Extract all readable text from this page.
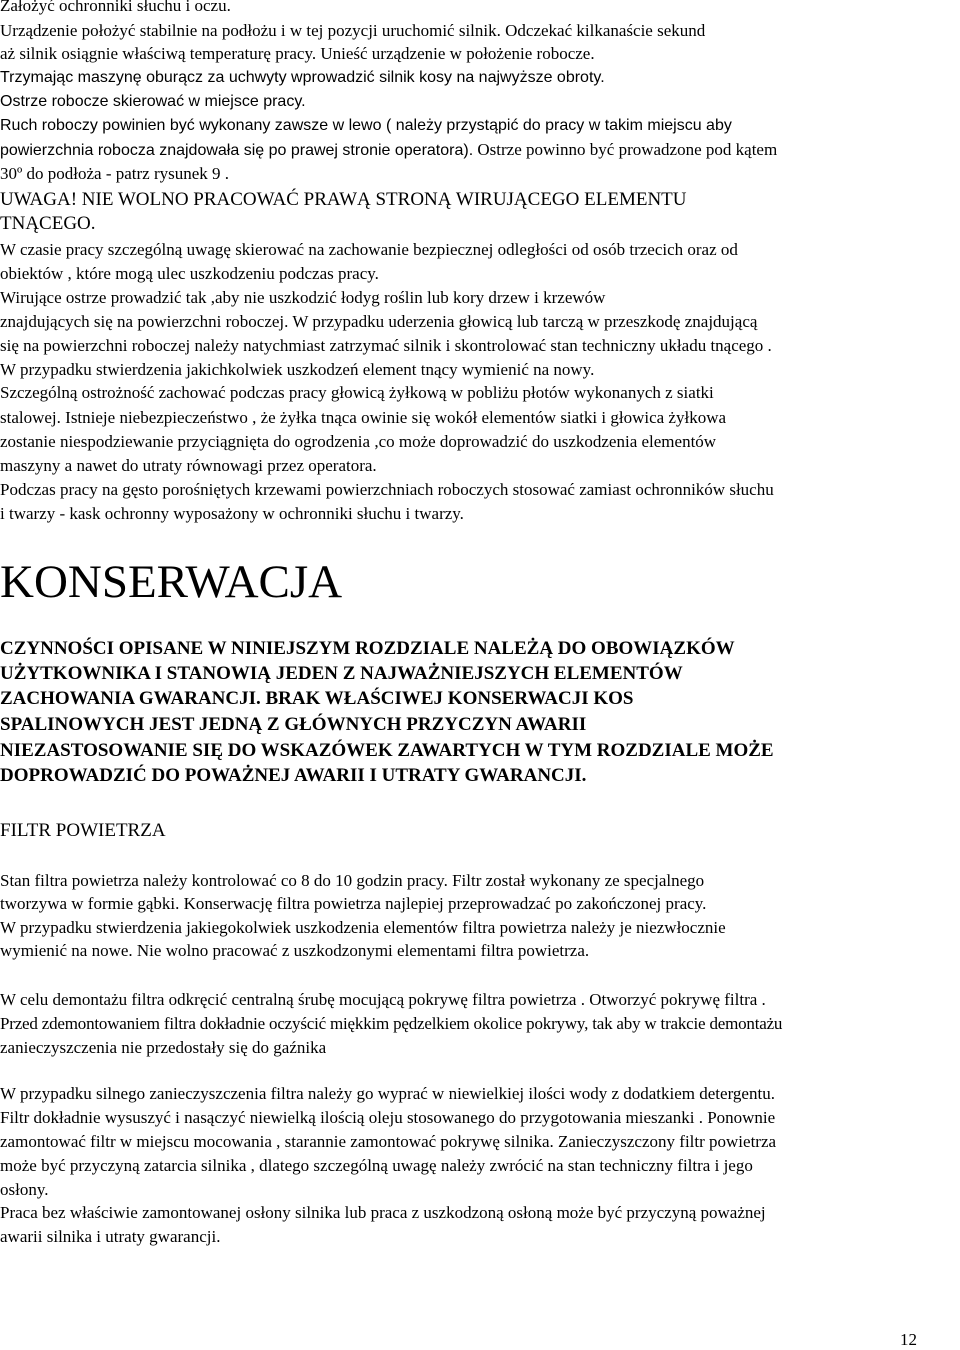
Założyć ochronniki słuchu i oczu.

Urządzenie położyć stabilnie na podłożu i w tej pozycji uruchomić silnik. Odczekać kilkanaście sekund

aż silnik osiągnie właściwą temperaturę pracy. Unieść urządzenie w położenie robocze.

Trzymając maszynę oburącz za uchwyty wprowadzić silnik kosy na najwyższe obroty.

Ostrze robocze skierować w miejsce pracy.

Ruch roboczy powinien być wykonany zawsze w lewo ( należy przystąpić do pracy w takim miejscu aby

powierzchnia robocza znajdowała się po prawej stronie operatora). Ostrze powinno być prowadzone pod kątem

30º do podłoża - patrz rysunek 9 .

UWAGA! NIE WOLNO PRACOWAĆ PRAWĄ STRONĄ WIRUJĄCEGO ELEMENTU

TNĄCEGO.

W czasie pracy szczególną uwagę skierować na zachowanie bezpiecznej odległości od osób trzecich oraz od

obiektów , które mogą ulec uszkodzeniu podczas pracy.

Wirujące ostrze prowadzić tak ,aby nie uszkodzić łodyg roślin lub kory drzew i krzewów

znajdujących się na powierzchni roboczej. W przypadku uderzenia głowicą lub tarczą w przeszkodę znajdującą

się na powierzchni roboczej należy natychmiast zatrzymać silnik i skontrolować stan techniczny układu tnącego .

W przypadku stwierdzenia jakichkolwiek uszkodzeń element tnący wymienić na nowy.

Szczególną ostrożność zachować podczas pracy głowicą żyłkową w pobliżu płotów wykonanych z siatki

stalowej. Istnieje niebezpieczeństwo , że żyłka tnąca owinie się wokół elementów siatki i głowica żyłkowa

zostanie niespodziewanie przyciągnięta do ogrodzenia ,co może doprowadzić do uszkodzenia elementów

maszyny a nawet do utraty równowagi przez operatora.

Podczas pracy na gęsto porośniętych krzewami powierzchniach roboczych stosować zamiast ochronników słuchu

i twarzy - kask ochronny wyposażony w ochronniki słuchu i twarzy.

KONSERWACJA

CZYNNOŚCI OPISANE W NINIEJSZYM ROZDZIALE NALEŻĄ DO OBOWIĄZKÓW

UŻYTKOWNIKA I STANOWIĄ JEDEN Z NAJWAŻNIEJSZYCH ELEMENTÓW

ZACHOWANIA GWARANCJI. BRAK WŁAŚCIWEJ KONSERWACJI KOS

SPALINOWYCH JEST JEDNĄ Z GŁÓWNYCH PRZYCZYN AWARII

NIEZASTOSOWANIE SIĘ DO WSKAZÓWEK ZAWARTYCH W TYM ROZDZIALE MOŻE

DOPROWADZIĆ DO POWAŻNEJ AWARII I UTRATY GWARANCJI.

FILTR POWIETRZA

Stan filtra powietrza należy kontrolować co 8 do 10 godzin pracy. Filtr został wykonany ze specjalnego

tworzywa w formie gąbki. Konserwację filtra powietrza najlepiej przeprowadzać po zakończonej pracy.

W przypadku stwierdzenia jakiegokolwiek uszkodzenia elementów filtra powietrza należy je niezwłocznie

wymienić na nowe. Nie wolno pracować z uszkodzonymi elementami filtra powietrza.

W celu demontażu filtra odkręcić centralną śrubę mocującą pokrywę filtra powietrza . Otworzyć pokrywę filtra .

Przed zdemontowaniem filtra dokładnie oczyścić miękkim pędzelkiem okolice pokrywy, tak aby w trakcie demontażu

zanieczyszczenia nie przedostały się do gaźnika

W przypadku silnego zanieczyszczenia filtra należy go wyprać w niewielkiej ilości wody z dodatkiem detergentu.

Filtr dokładnie wysuszyć i nasączyć niewielką ilością oleju stosowanego do przygotowania mieszanki . Ponownie

zamontować filtr w miejscu mocowania , starannie zamontować pokrywę silnika. Zanieczyszczony filtr powietrza

może być przyczyną zatarcia silnika , dlatego szczególną uwagę należy zwrócić na stan techniczny filtra i jego

osłony.

Praca bez właściwie zamontowanej osłony silnika lub praca z uszkodzoną osłoną może być przyczyną poważnej

awarii silnika i utraty gwarancji.

12
